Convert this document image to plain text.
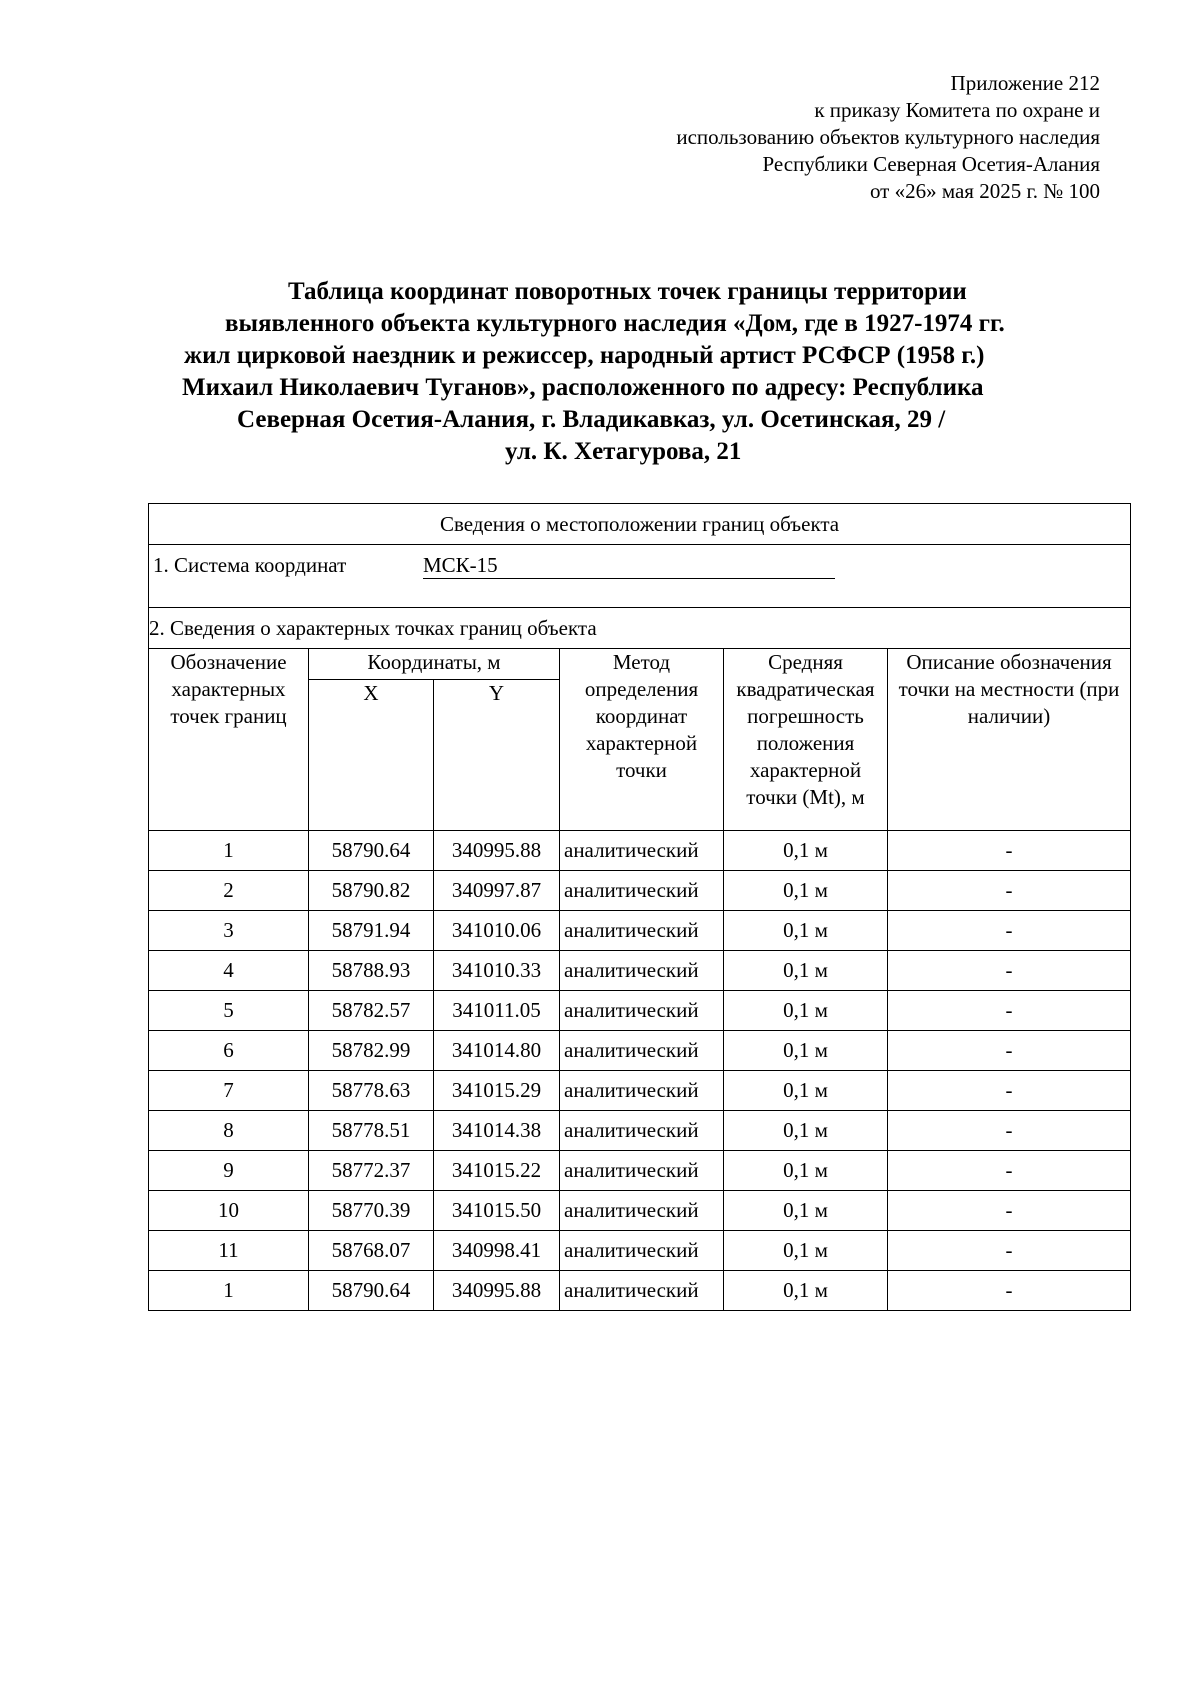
Приложение 212
к приказу Комитета по охране и
использованию объектов культурного наследия
Республики Северная Осетия-Алания
от «26» мая 2025 г. № 100
Таблица координат поворотных точек границы территории
выявленного объекта культурного наследия «Дом, где в 1927-1974 гг.
жил цирковой наездник и режиссер, народный артист РСФСР (1958 г.)
Михаил Николаевич Туганов», расположенного по адресу: Республика
Северная Осетия-Алания, г. Владикавказ, ул. Осетинская, 29 /
ул. К. Хетагурова, 21
Сведения о местоположении границ объекта					

1. Система координат МСК-15					

2. Сведения о характерных точках границ объекта					
Обозначение характерных точек границ	Координаты, м		Метод определения координат характерной точки	Средняя квадратическая погрешность положения характерной точки (Mt), м	Описание обозначения точки на местности (при наличии)
	X	Y			
1	58790.64	340995.88	аналитический	0,1 м	-
2	58790.82	340997.87	аналитический	0,1 м	-
3	58791.94	341010.06	аналитический	0,1 м	-
4	58788.93	341010.33	аналитический	0,1 м	-
5	58782.57	341011.05	аналитический	0,1 м	-
6	58782.99	341014.80	аналитический	0,1 м	-
7	58778.63	341015.29	аналитический	0,1 м	-
8	58778.51	341014.38	аналитический	0,1 м	-
9	58772.37	341015.22	аналитический	0,1 м	-
10	58770.39	341015.50	аналитический	0,1 м	-
11	58768.07	340998.41	аналитический	0,1 м	-
1	58790.64	340995.88	аналитический	0,1 м	-
